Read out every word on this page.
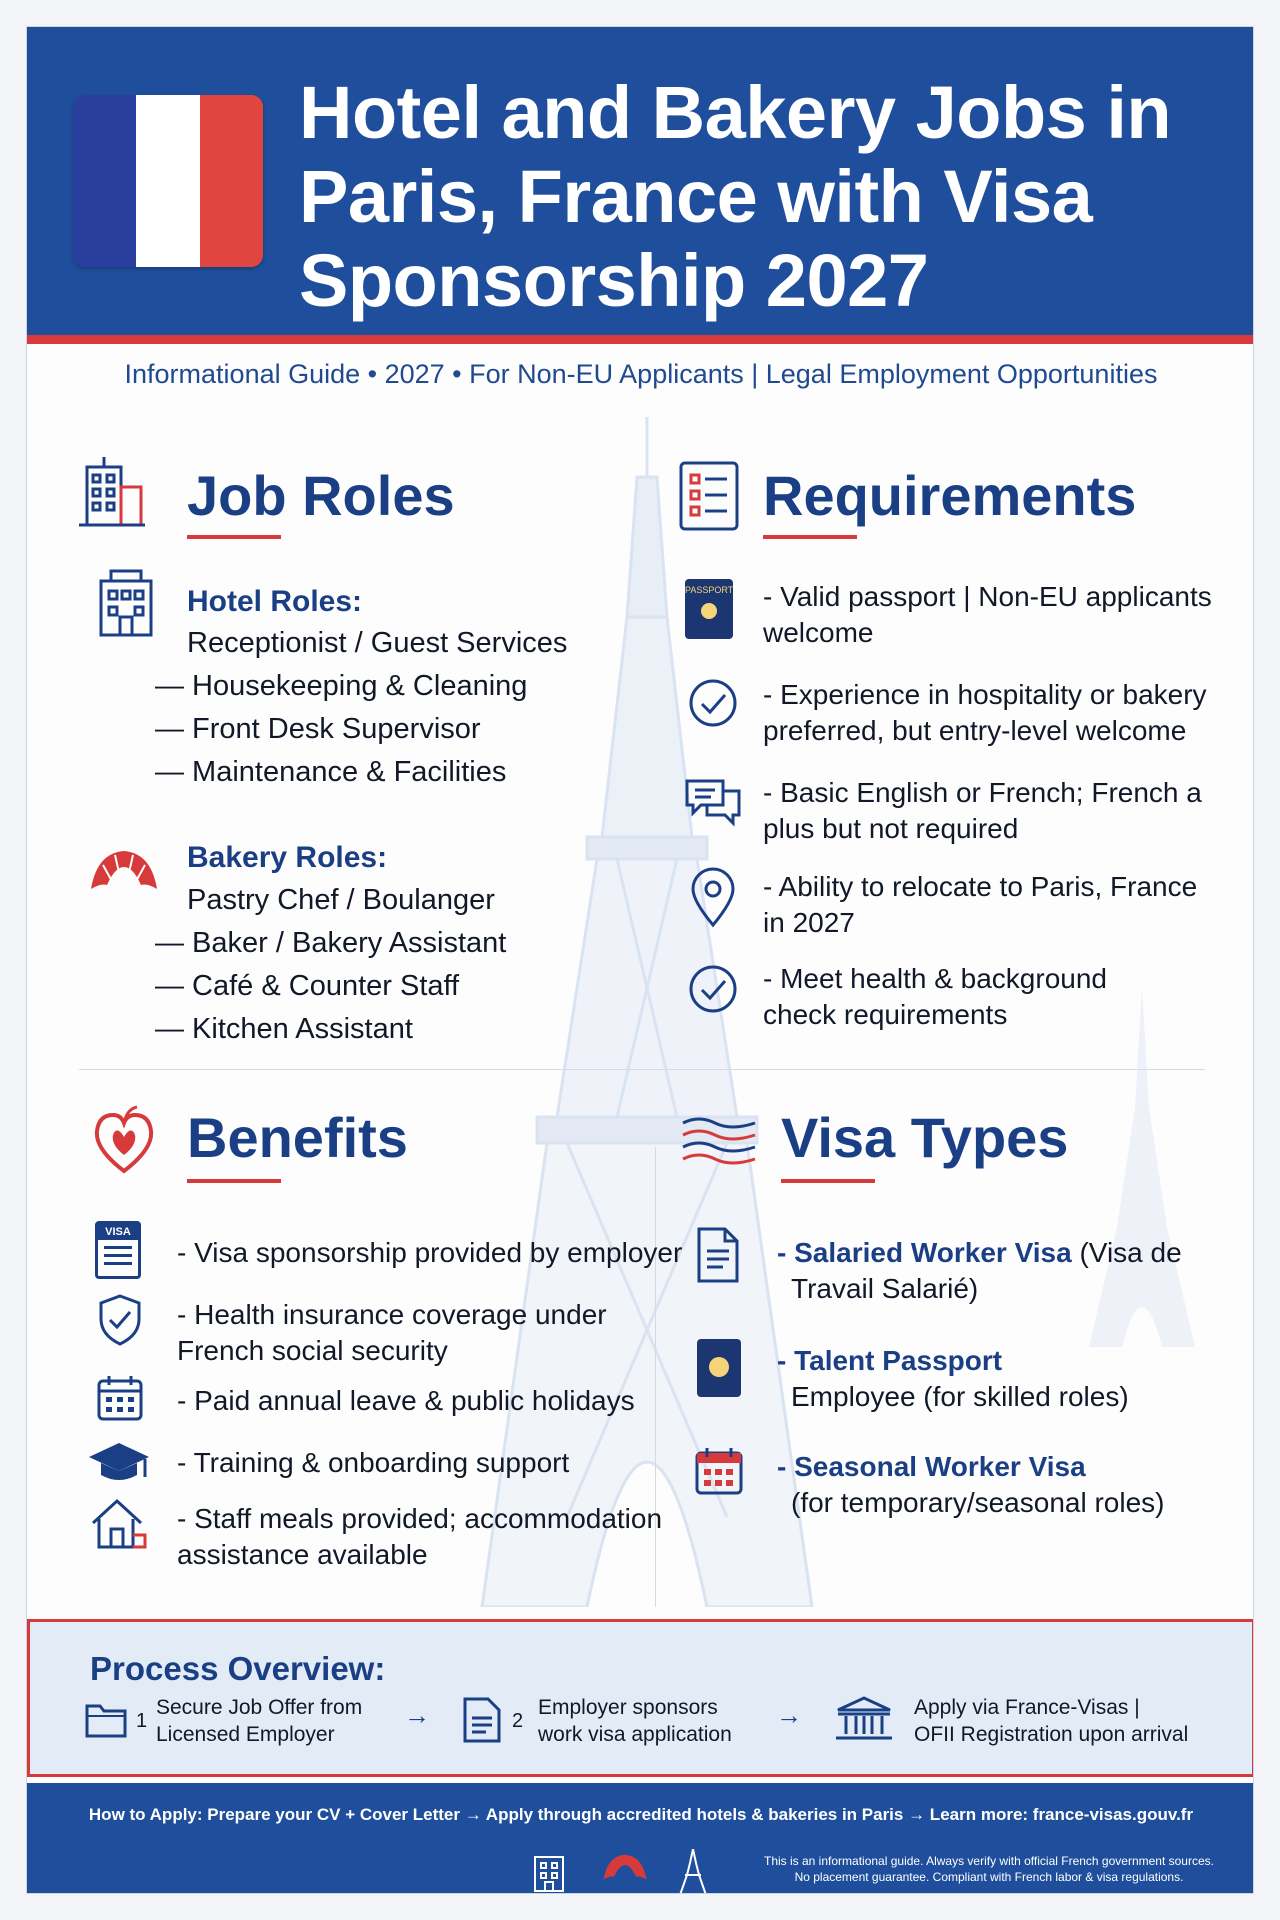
Hotel and Bakery Jobs in
Paris, France with Visa
Sponsorship 2027
Informational Guide • 2027 • For Non-EU Applicants | Legal Employment Opportunities
Job Roles
Hotel Roles:
Receptionist / Guest Services
— Housekeeping & Cleaning
— Front Desk Supervisor
— Maintenance & Facilities
Bakery Roles:
Pastry Chef / Boulanger
— Baker / Bakery Assistant
— Café & Counter Staff
— Kitchen Assistant
Requirements
PASSPORT - Valid passport | Non-EU applicants
welcome
- Experience in hospitality or bakery
preferred, but entry-level welcome
- Basic English or French; French a
plus but not required
- Ability to relocate to Paris, France
in 2027
- Meet health & background
check requirements
Benefits
VISA
- Visa sponsorship provided by employer
- Health insurance coverage under
French social security
- Paid annual leave & public holidays
- Training & onboarding support
- Staff meals provided; accommodation
assistance available
Visa Types
- Salaried Worker Visa (Visa de
Travail Salarié)
- Talent Passport
Employee (for skilled roles)
- Seasonal Worker Visa
(for temporary/seasonal roles)
Process Overview:
1
Secure Job Offer from
Licensed Employer
→	2
Employer sponsors
work visa application
→	Apply via France-Visas |
OFII Registration upon arrival
How to Apply: Prepare your CV + Cover Letter → Apply through accredited hotels & bakeries in Paris → Learn more: france-visas.gouv.fr
This is an informational guide. Always verify with official French government sources.
No placement guarantee. Compliant with French labor & visa regulations.
